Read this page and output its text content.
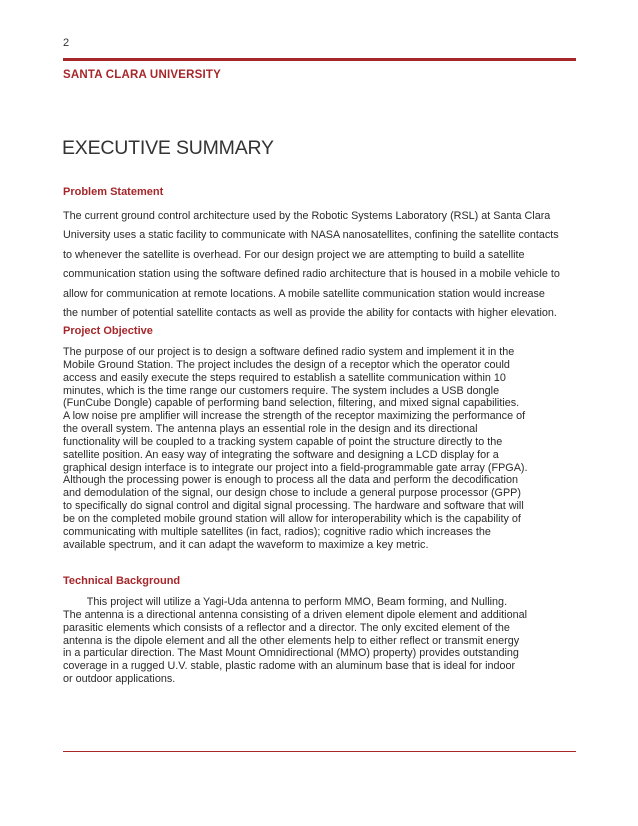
2
SANTA CLARA UNIVERSITY
EXECUTIVE SUMMARY
Problem Statement
The current ground control architecture used by the Robotic Systems Laboratory (RSL) at Santa Clara
University uses a static facility to communicate with NASA nanosatellites, confining the satellite contacts
to whenever the satellite is overhead. For our design project we are attempting to build a satellite
communication station using the software defined radio architecture that is housed in a mobile vehicle to
allow for communication at remote locations. A mobile satellite communication station would increase
the number of potential satellite contacts as well as provide the ability for contacts with higher elevation.
Project Objective
The purpose of our project is to design a software defined radio system and implement it in the
Mobile Ground Station. The project includes the design of a receptor which the operator could
access and easily execute the steps required to establish a satellite communication within 10
minutes, which is the time range our customers require. The system includes a USB dongle
(FunCube Dongle) capable of performing band selection, filtering, and mixed signal capabilities.
A low noise pre amplifier will increase the strength of the receptor maximizing the performance of
the overall system. The antenna plays an essential role in the design and its directional
functionality will be coupled to a tracking system capable of point the structure directly to the
satellite position. An easy way of integrating the software and designing a LCD display for a
graphical design interface is to integrate our project into a field-programmable gate array (FPGA).
Although the processing power is enough to process all the data and perform the decodification
and demodulation of the signal, our design chose to include a general purpose processor (GPP)
to specifically do signal control and digital signal processing. The hardware and software that will
be on the completed mobile ground station will allow for interoperability which is the capability of
communicating with multiple satellites (in fact, radios); cognitive radio which increases the
available spectrum, and it can adapt the waveform to maximize a key metric.
Technical Background
This project will utilize a Yagi-Uda antenna to perform MMO, Beam forming, and Nulling.
The antenna is a directional antenna consisting of a driven element dipole element and additional
parasitic elements which consists of a reflector and a director. The only excited element of the
antenna is the dipole element and all the other elements help to either reflect or transmit energy
in a particular direction. The Mast Mount Omnidirectional (MMO) property) provides outstanding
coverage in a rugged U.V. stable, plastic radome with an aluminum base that is ideal for indoor
or outdoor applications.
